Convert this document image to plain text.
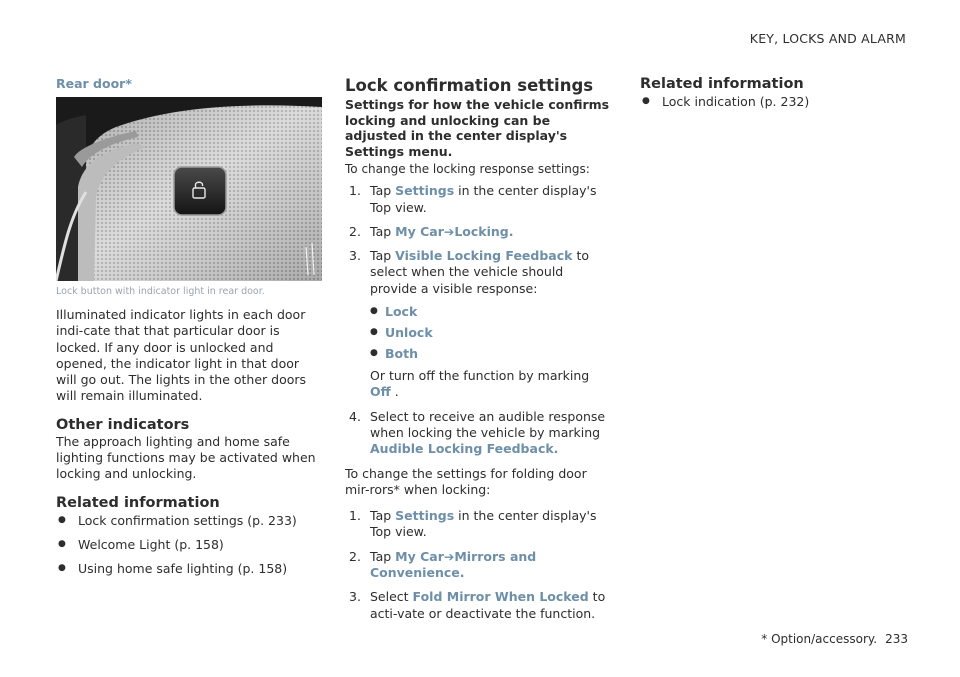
KEY, LOCKS AND ALARM
Rear door*
Lock button with indicator light in rear door.

Illuminated indicator lights in each door indi-cate that that particular door is locked. If any door is unlocked and opened, the indicator light in that door will go out. The lights in the other doors will remain illuminated.

Other indicators

The approach lighting and home safe lighting functions may be activated when locking and unlocking.

Related information
● Lock confirmation settings (p. 233)
● Welcome Light (p. 158)
● Using home safe lighting (p. 158)
Lock confirmation settings
Settings for how the vehicle confirms locking and unlocking can be adjusted in the center display's Settings menu.

To change the locking response settings:

1. Tap Settings in the center display's Top view.
2. Tap My Car➔Locking.
3. Tap Visible Locking Feedback to select when the vehicle should provide a visible response:
● Lock
● Unlock
● Both
Or turn off the function by marking Off .
4. Select to receive an audible response when locking the vehicle by marking Audible Locking Feedback.

To change the settings for folding door mir-rors* when locking:

1. Tap Settings in the center display's Top view.
2. Tap My Car➔Mirrors and Convenience.
3. Select Fold Mirror When Locked to acti-vate or deactivate the function.
Related information
● Lock indication (p. 232)
* Option/accessory. 233
